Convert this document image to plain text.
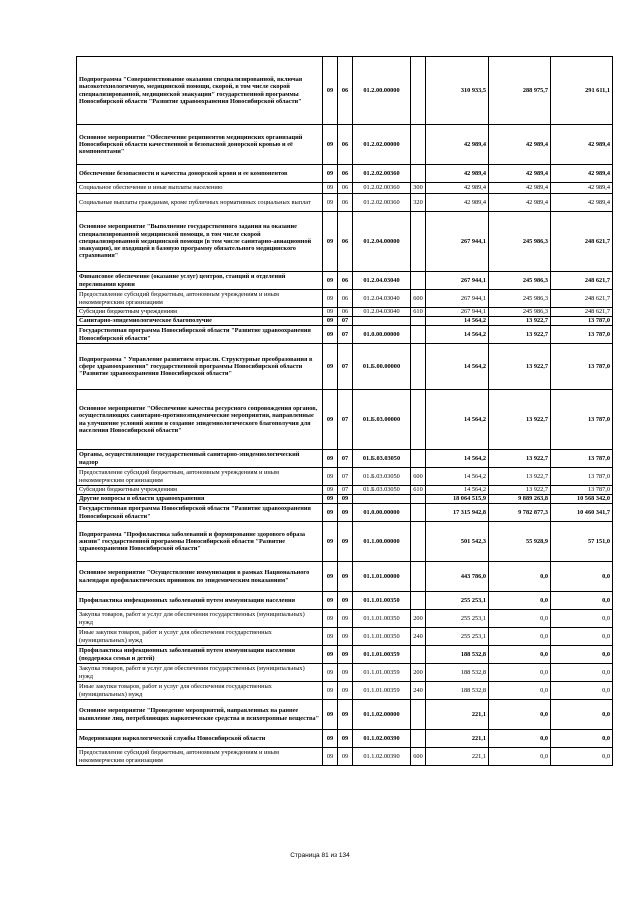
Подпрограмма "Совершенствование оказания специализированной, включая высокотехнологичную, медицинской помощи, скорой, в том числе скорой специализированной, медицинской эвакуации" государственной программы Новосибирской области "Развитие здравоохранения Новосибирской области"	09	06	01.2.00.00000		310 933,5	288 975,7	291 611,1
Основное мероприятие "Обеспечение реципиентов медицинских организаций Новосибирской области качественной и безопасной донорской кровью и её компонентами"	09	06	01.2.02.00000		42 989,4	42 989,4	42 989,4
Обеспечение безопасности и качества донорской крови и ее компонентов	09	06	01.2.02.00360		42 989,4	42 989,4	42 989,4
Социальное обеспечение и иные выплаты населению	09	06	01.2.02.00360	300	42 989,4	42 989,4	42 989,4
Социальные выплаты гражданам, кроме публичных нормативных социальных выплат	09	06	01.2.02.00360	320	42 989,4	42 989,4	42 989,4
Основное мероприятие "Выполнение государственного задания на оказание специализированной медицинской помощи, в том числе скорой специализированной медицинской помощи (в том числе санитарно-авиационной эвакуации), не входящей в базовую программу обязательного медицинского страхования"	09	06	01.2.04.00000		267 944,1	245 986,3	248 621,7
Финансовое обеспечение (оказание услуг) центров, станций и отделений переливания крови	09	06	01.2.04.03040		267 944,1	245 986,3	248 621,7
Предоставление субсидий бюджетным, автономным учреждениям и иным некоммерческим организациям	09	06	01.2.04.03040	600	267 944,1	245 986,3	248 621,7
Субсидии бюджетным учреждениям	09	06	01.2.04.03040	610	267 944,1	245 986,3	248 621,7
Санитарно-эпидемиологическое благополучие	09	07			14 564,2	13 922,7	13 787,0
Государственная программа Новосибирской области "Развитие здравоохранения Новосибирской области"	09	07	01.0.00.00000		14 564,2	13 922,7	13 787,0
Подпрограмма " Управление развитием отрасли. Структурные преобразования в сфере здравоохранения" государственной программы Новосибирской области "Развитие здравоохранения Новосибирской области"	09	07	01.Б.00.00000		14 564,2	13 922,7	13 787,0
Основное мероприятие "Обеспечение качества ресурсного сопровождения органов, осуществляющих санитарно-противоэпидемические мероприятия, направленные на улучшение условий жизни и создание эпидемиологического благополучия для населения Новосибирской области"	09	07	01.Б.03.00000		14 564,2	13 922,7	13 787,0
Органы, осуществляющие государственный санитарно-эпидемиологический надзор	09	07	01.Б.03.03050		14 564,2	13 922,7	13 787,0
Предоставление субсидий бюджетным, автономным учреждениям и иным некоммерческим организациям	09	07	01.Б.03.03050	600	14 564,2	13 922,7	13 787,0
Субсидии бюджетным учреждениям	09	07	01.Б.03.03050	610	14 564,2	13 922,7	13 787,0
Другие вопросы в области здравоохранения	09	09			18 064 515,9	9 889 263,8	10 568 342,0
Государственная программа Новосибирской области "Развитие здравоохранения Новосибирской области"	09	09	01.0.00.00000		17 315 942,8	9 782 877,3	10 460 341,7
Подпрограмма "Профилактика заболеваний и формирование здорового образа жизни" государственной программы Новосибирской области "Развитие здравоохранения Новосибирской области"	09	09	01.1.00.00000		501 542,3	55 928,9	57 151,0
Основное мероприятие "Осуществление иммунизации в рамках Национального календаря профилактических прививок по эпидемическим показаниям"	09	09	01.1.01.00000		443 786,0	0,0	0,0
Профилактика инфекционных заболеваний путем иммунизации населения	09	09	01.1.01.00350		255 253,1	0,0	0,0
Закупка товаров, работ и услуг для обеспечения государственных (муниципальных) нужд	09	09	01.1.01.00350	200	255 253,1	0,0	0,0
Иные закупки товаров, работ и услуг для обеспечения государственных (муниципальных) нужд	09	09	01.1.01.00350	240	255 253,1	0,0	0,0
Профилактика инфекционных заболеваний путем иммунизации населения (поддержка семьи и детей)	09	09	01.1.01.00359		188 532,8	0,0	0,0
Закупка товаров, работ и услуг для обеспечения государственных (муниципальных) нужд	09	09	01.1.01.00359	200	188 532,8	0,0	0,0
Иные закупки товаров, работ и услуг для обеспечения государственных (муниципальных) нужд	09	09	01.1.01.00359	240	188 532,8	0,0	0,0
Основное мероприятие "Проведение мероприятий, направленных на раннее выявление лиц, потребляющих наркотические средства и психотропные вещества"	09	09	01.1.02.00000		221,1	0,0	0,0
Модернизация наркологической службы Новосибирской области	09	09	01.1.02.00390		221,1	0,0	0,0
Предоставление субсидий бюджетным, автономным учреждениям и иным некоммерческим организациям	09	09	01.1.02.00390	600	221,1	0,0	0,0
Страница 81 из 134
